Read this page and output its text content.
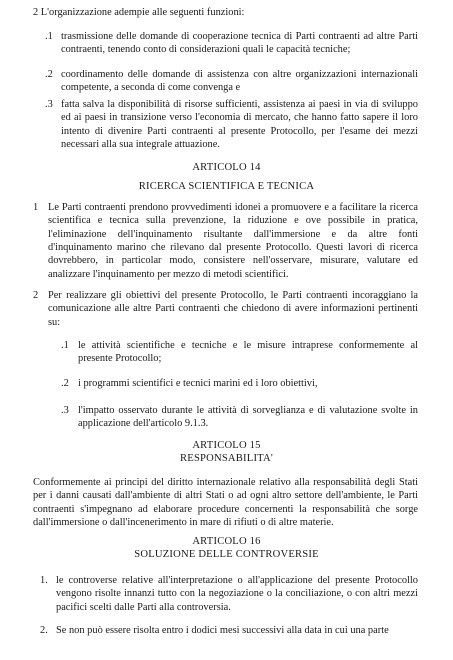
2 L'organizzazione adempie alle seguenti funzioni:

.1 trasmissione delle domande di cooperazione tecnica di Parti contraenti ad altre Parti contraenti, tenendo conto di considerazioni quali le capacità tecniche;

.2 coordinamento delle domande di assistenza con altre organizzazioni internazionali competente, a seconda di come convenga e

.3 fatta salva la disponibilità di risorse sufficienti, assistenza ai paesi in via di sviluppo ed ai paesi in transizione verso l'economia di mercato, che hanno fatto sapere il loro intento di divenire Parti contraenti al presente Protocollo, per l'esame dei mezzi necessari alla sua integrale attuazione.

ARTICOLO 14

RICERCA SCIENTIFICA E TECNICA

1 Le Parti contraenti prendono provvedimenti idonei a promuovere e a facilitare la ricerca scientifica e tecnica sulla prevenzione, la riduzione e ove possibile in pratica, l'eliminazione dell'inquinamento risultante dall'immersione e da altre fonti d'inquinamento marino che rilevano dal presente Protocollo. Questi lavori di ricerca dovrebbero, in particolar modo, consistere nell'osservare, misurare, valutare ed analizzare l'inquinamento per mezzo di metodi scientifici.

2 Per realizzare gli obiettivi del presente Protocollo, le Parti contraenti incoraggiano la comunicazione alle altre Parti contraenti che chiedono di avere informazioni pertinenti su:

.1 le attività scientifiche e tecniche e le misure intraprese conformemente al presente Protocollo;

.2 i programmi scientifici e tecnici marini ed i loro obiettivi,

.3 l'impatto osservato durante le attività di sorveglianza e di valutazione svolte in applicazione dell'articolo 9.1.3.

ARTICOLO 15

RESPONSABILITA'

Conformemente ai principi del diritto internazionale relativo alla responsabilità degli Stati per i danni causati dall'ambiente di altri Stati o ad ogni altro settore dell'ambiente, le Parti contraenti s'impegnano ad elaborare procedure concernenti la responsabilità che sorge dall'immersione o dall'incenerimento in mare di rifiuti o di altre materie.

ARTICOLO 16

SOLUZIONE DELLE CONTROVERSIE

1. le controverse relative all'interpretazione o all'applicazione del presente Protocollo vengono risolte innanzi tutto con la negoziazione o la conciliazione, o con altri mezzi pacifici scelti dalle Parti alla controversia.

2. Se non può essere risolta entro i dodici mesi successivi alla data in cui una parte
